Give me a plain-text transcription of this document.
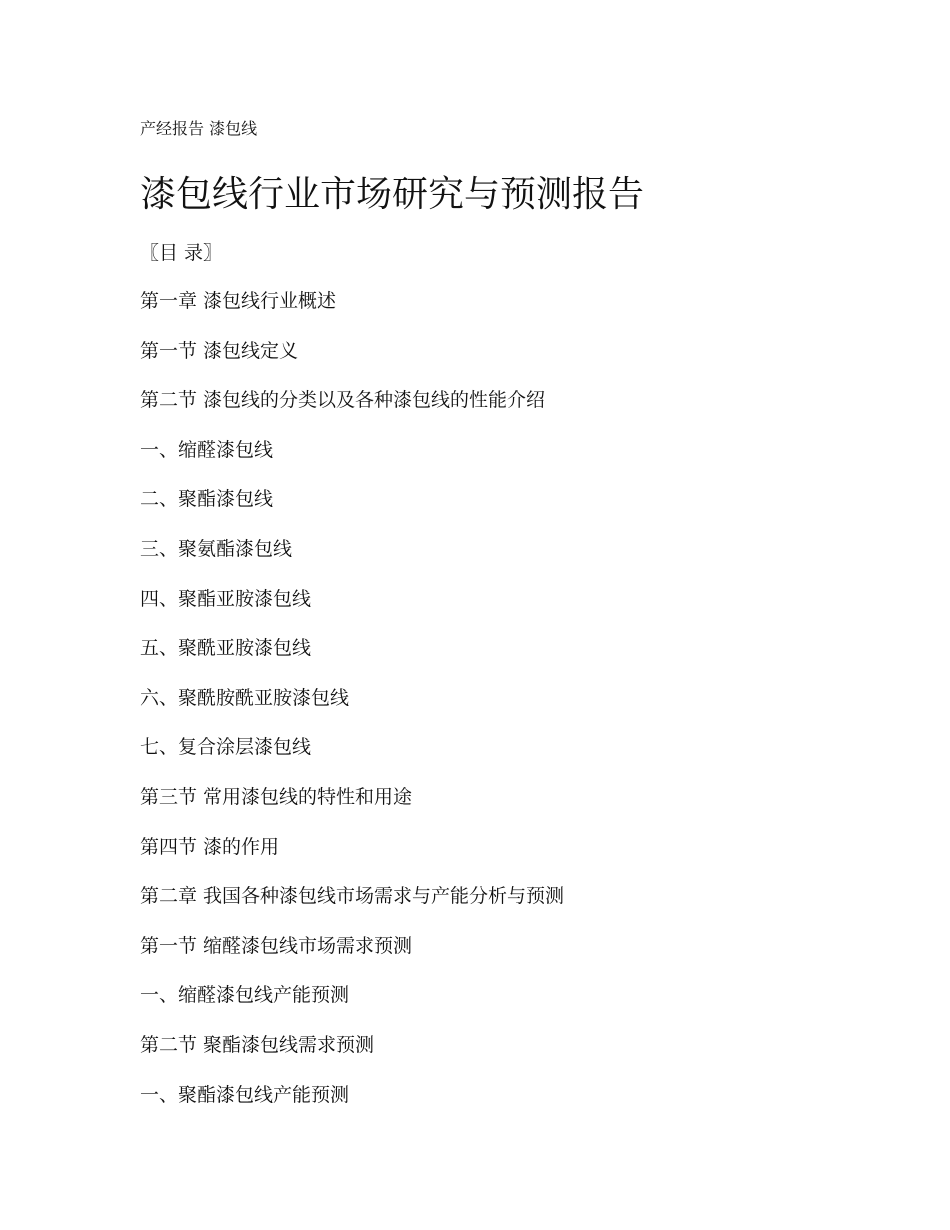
产经报告 漆包线
漆包线行业市场研究与预测报告
〖目 录〗
第一章 漆包线行业概述
第一节 漆包线定义
第二节 漆包线的分类以及各种漆包线的性能介绍
一、缩醛漆包线
二、聚酯漆包线
三、聚氨酯漆包线
四、聚酯亚胺漆包线
五、聚酰亚胺漆包线
六、聚酰胺酰亚胺漆包线
七、复合涂层漆包线
第三节 常用漆包线的特性和用途
第四节 漆的作用
第二章 我国各种漆包线市场需求与产能分析与预测
第一节 缩醛漆包线市场需求预测
一、缩醛漆包线产能预测
第二节 聚酯漆包线需求预测
一、聚酯漆包线产能预测
